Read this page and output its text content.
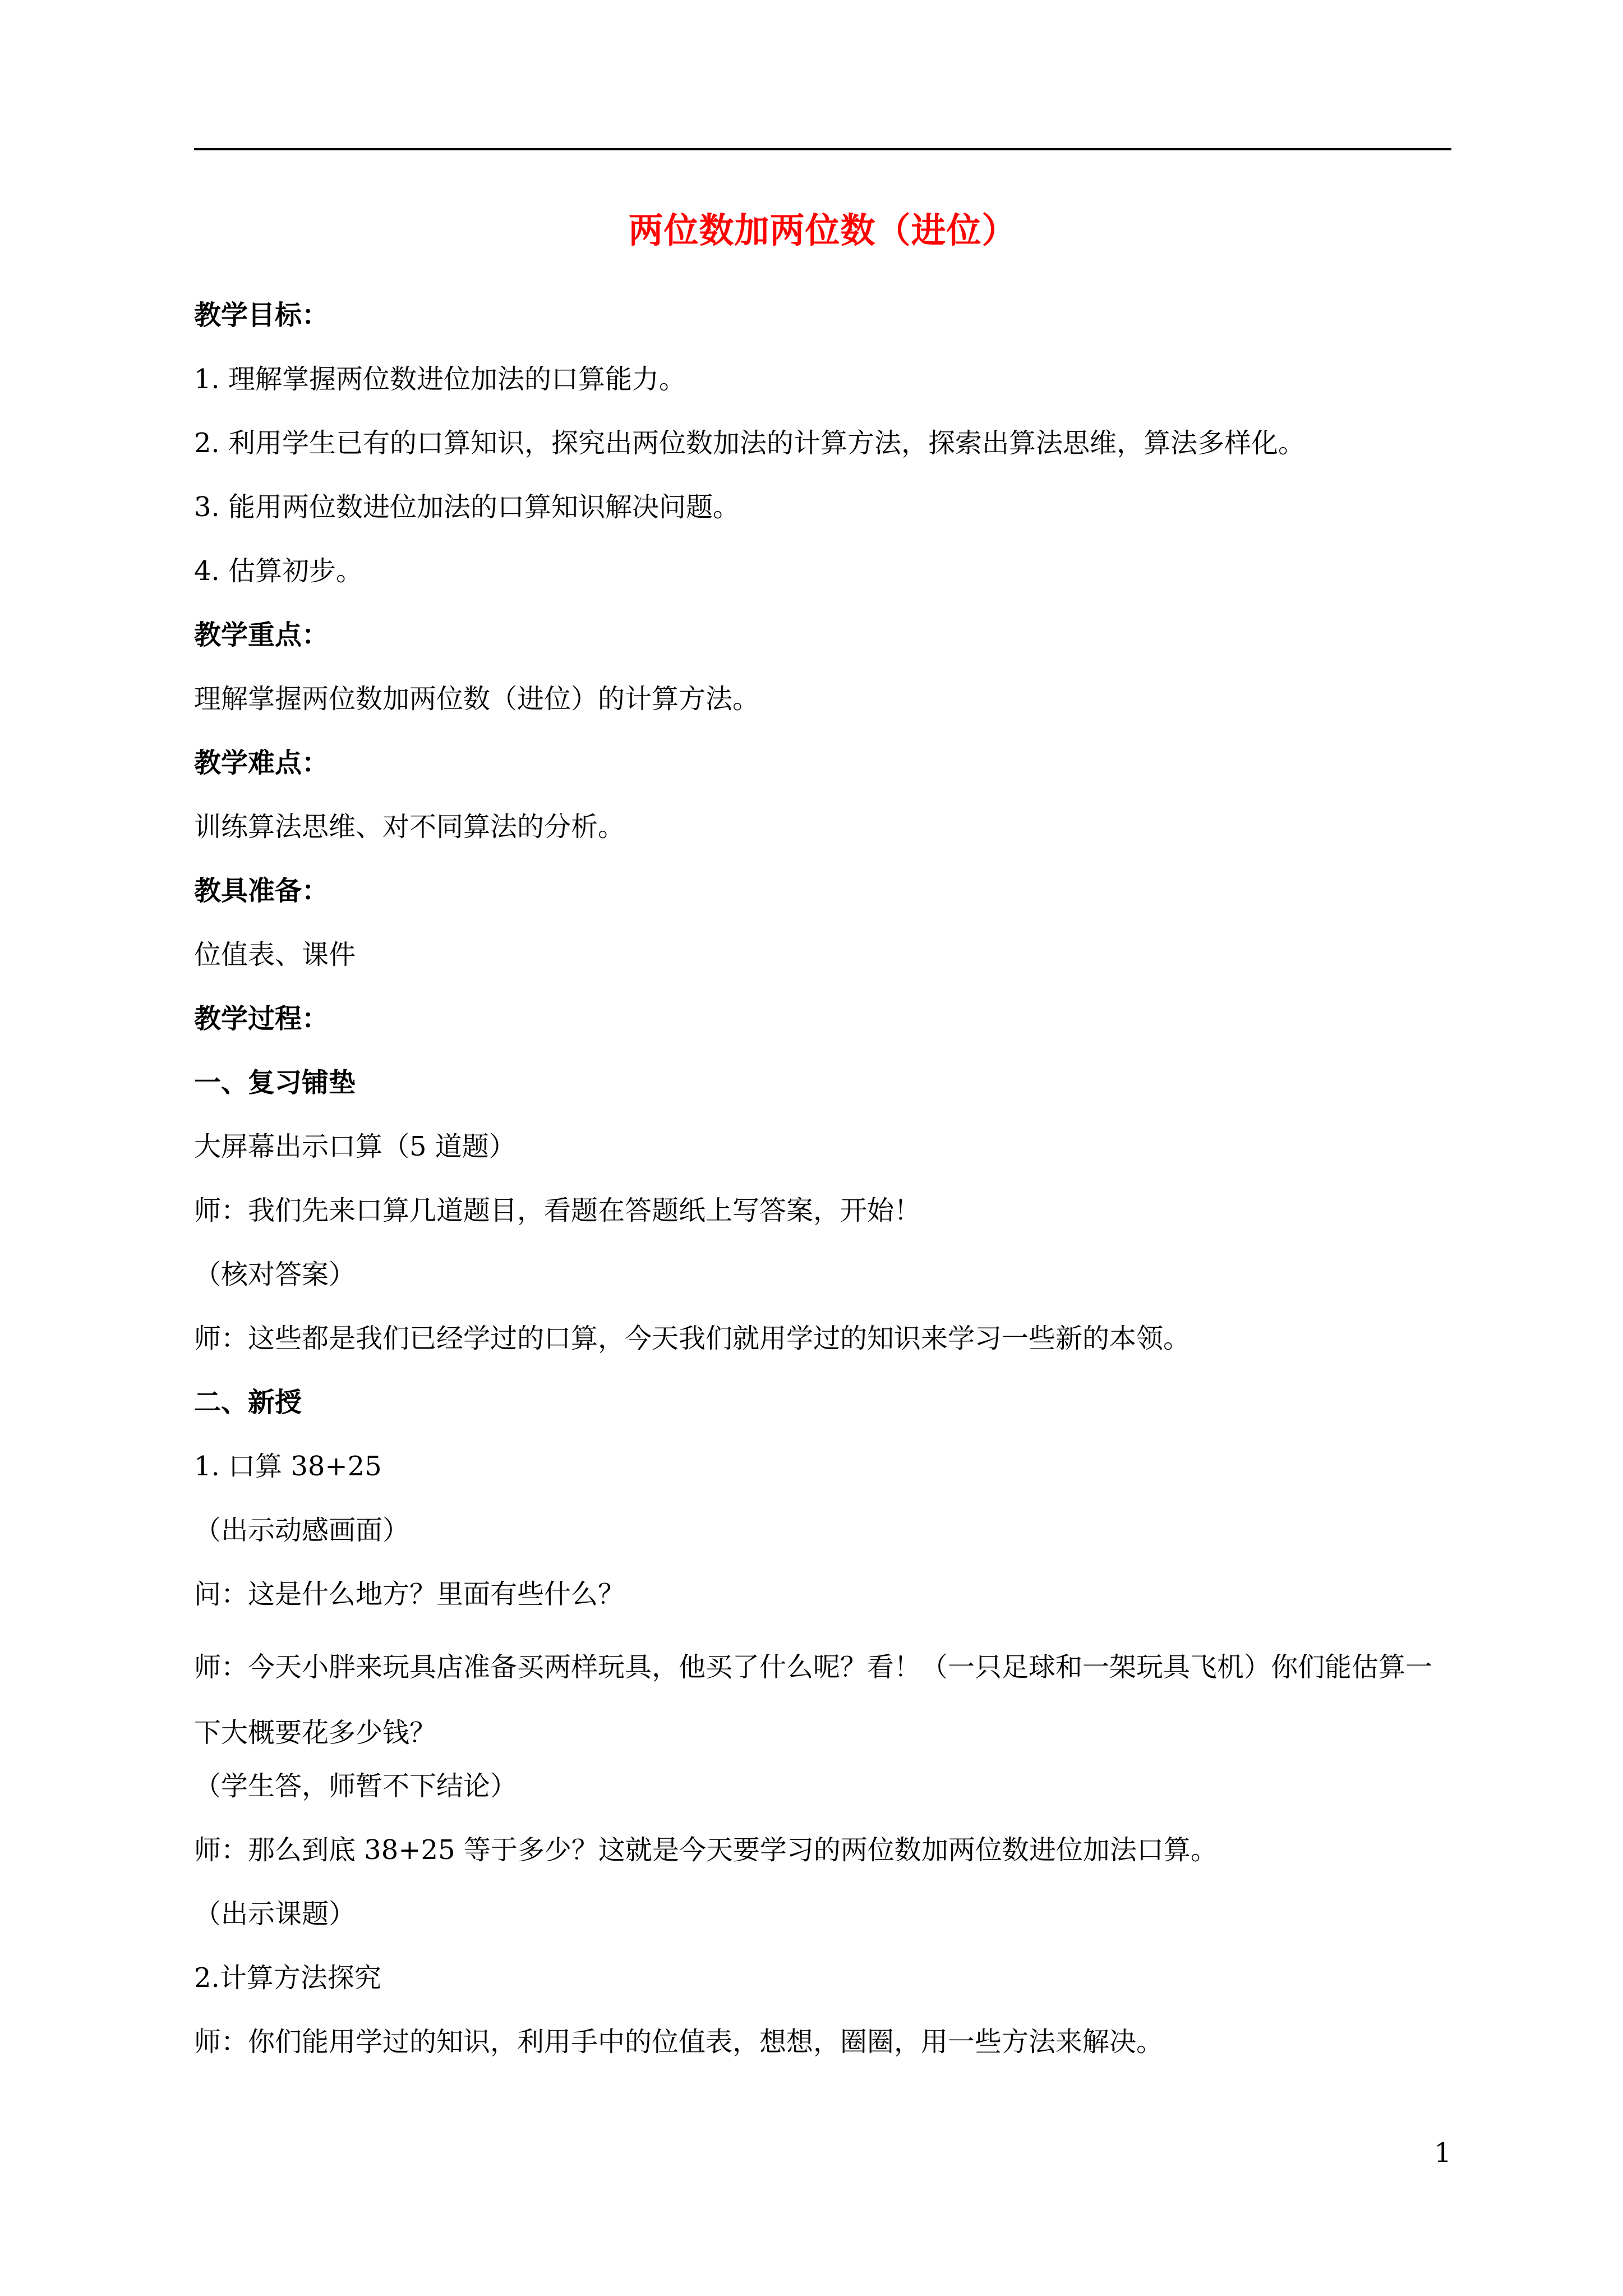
两位数加两位数（进位）
教学目标：
1. 理解掌握两位数进位加法的口算能力。
2. 利用学生已有的口算知识，探究出两位数加法的计算方法，探索出算法思维，算法多样化。
3. 能用两位数进位加法的口算知识解决问题。
4. 估算初步。
教学重点：
理解掌握两位数加两位数（进位）的计算方法。
教学难点：
训练算法思维、对不同算法的分析。
教具准备：
位值表、课件
教学过程：
一、复习铺垫
大屏幕出示口算（5 道题）
师：我们先来口算几道题目，看题在答题纸上写答案，开始！
（核对答案）
师：这些都是我们已经学过的口算，今天我们就用学过的知识来学习一些新的本领。
二、新授
1. 口算 38+25
（出示动感画面）
问：这是什么地方？里面有些什么？
师：今天小胖来玩具店准备买两样玩具，他买了什么呢？看！（一只足球和一架玩具飞机）你们能估算一下大概要花多少钱？
（学生答，师暂不下结论）
师：那么到底 38+25 等于多少？这就是今天要学习的两位数加两位数进位加法口算。
（出示课题）
2.计算方法探究
师：你们能用学过的知识，利用手中的位值表，想想，圈圈，用一些方法来解决。
1
